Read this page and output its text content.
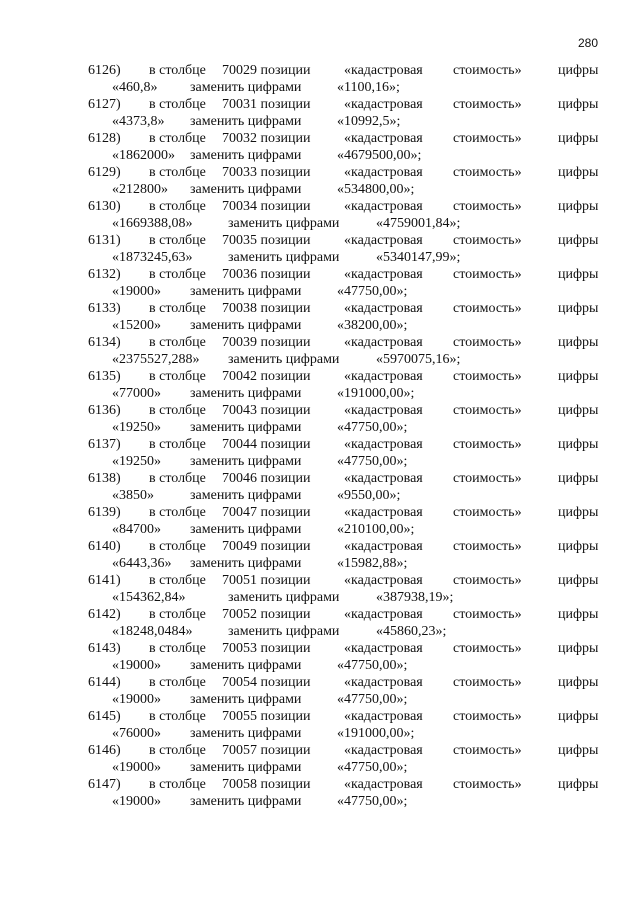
280
6126) в столбце 70029 позиции «кадастровая стоимость»	цифры
«460,8» заменить цифрами	«1100,16»;
6127) в столбце 70031 позиции «кадастровая стоимость»	цифры
«4373,8» заменить цифрами	«10992,5»;
6128) в столбце 70032 позиции «кадастровая стоимость»	цифры
«1862000» заменить цифрами	«4679500,00»;
6129) в столбце 70033 позиции «кадастровая стоимость»	цифры
«212800» заменить цифрами	«534800,00»;
6130) в столбце 70034 позиции «кадастровая стоимость»	цифры
«1669388,08»	заменить цифрами	«4759001,84»;
6131) в столбце 70035 позиции «кадастровая стоимость»	цифры
«1873245,63»	заменить цифрами	«5340147,99»;
6132) в столбце 70036 позиции «кадастровая стоимость»	цифры
«19000» заменить цифрами	«47750,00»;
6133) в столбце 70038 позиции «кадастровая стоимость»	цифры
«15200» заменить цифрами	«38200,00»;
6134) в столбце 70039 позиции «кадастровая стоимость»	цифры
«2375527,288» заменить цифрами	«5970075,16»;
6135) в столбце 70042 позиции «кадастровая стоимость»	цифры
«77000» заменить цифрами	«191000,00»;
6136) в столбце 70043 позиции «кадастровая стоимость»	цифры
«19250» заменить цифрами	«47750,00»;
6137) в столбце 70044 позиции «кадастровая стоимость»	цифры
«19250» заменить цифрами	«47750,00»;
6138) в столбце 70046 позиции «кадастровая стоимость»	цифры
«3850»	заменить цифрами	«9550,00»;
6139) в столбце 70047 позиции «кадастровая стоимость»	цифры
«84700» заменить цифрами	«210100,00»;
6140) в столбце 70049 позиции «кадастровая стоимость»	цифры
«6443,36» заменить цифрами	«15982,88»;
6141) в столбце 70051 позиции «кадастровая стоимость»	цифры
«154362,84»	заменить цифрами	«387938,19»;
6142) в столбце 70052 позиции «кадастровая стоимость»	цифры
«18248,0484»	заменить цифрами	«45860,23»;
6143) в столбце 70053 позиции «кадастровая стоимость»	цифры
«19000» заменить цифрами	«47750,00»;
6144) в столбце 70054 позиции «кадастровая стоимость»	цифры
«19000» заменить цифрами	«47750,00»;
6145) в столбце 70055 позиции «кадастровая стоимость»	цифры
«76000» заменить цифрами	«191000,00»;
6146) в столбце 70057 позиции «кадастровая стоимость»	цифры
«19000» заменить цифрами	«47750,00»;
6147) в столбце 70058 позиции «кадастровая стоимость»	цифры
«19000» заменить цифрами	«47750,00»;
